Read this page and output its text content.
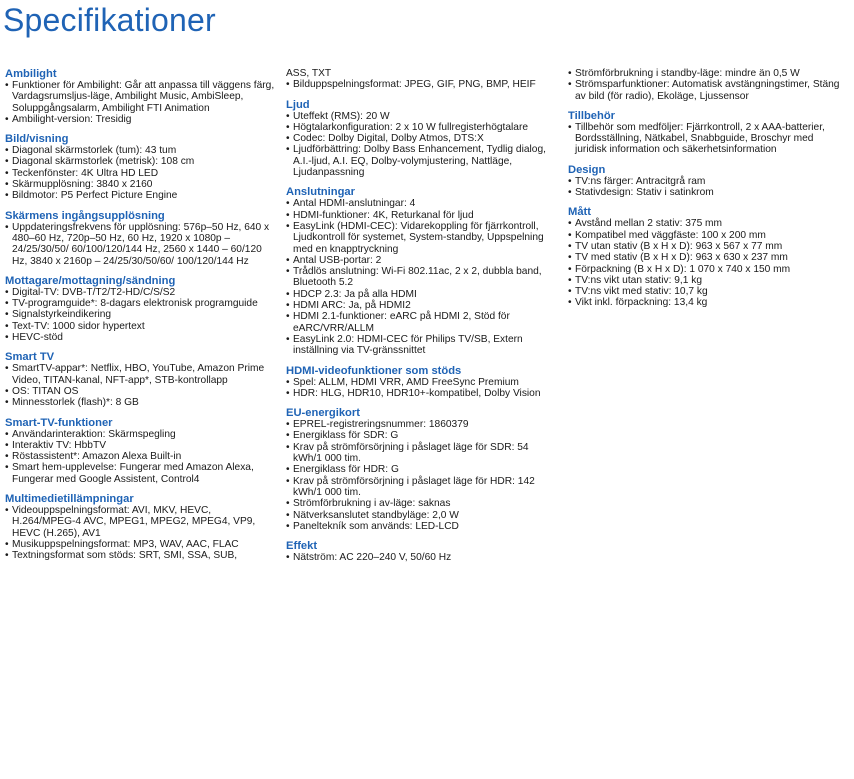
Specifikationer
Ambilight
• Funktioner för Ambilight: Går att anpassa till väggens färg, Vardagsrumsljus-läge, Ambilight Music, AmbiSleep, Soluppgångsalarm, Ambilight FTI Animation
• Ambilight-version: Tresidig
Bild/visning
• Diagonal skärmstorlek (tum): 43 tum
• Diagonal skärmstorlek (metrisk): 108 cm
• Teckenfönster: 4K Ultra HD LED
• Skärmupplösning: 3840 x 2160
• Bildmotor: P5 Perfect Picture Engine
Skärmens ingångsupplösning
• Uppdateringsfrekvens för upplösning: 576p–50 Hz, 640 x 480–60 Hz, 720p–50 Hz, 60 Hz, 1920 x 1080p – 24/25/30/50/ 60/100/120/144 Hz, 2560 x 1440 – 60/120 Hz, 3840 x 2160p – 24/25/30/50/60/ 100/120/144 Hz
Mottagare/mottagning/sändning
• Digital-TV: DVB-T/T2/T2-HD/C/S/S2
• TV-programguide*: 8-dagars elektronisk programguide
• Signalstyrkeindikering
• Text-TV: 1000 sidor hypertext
• HEVC-stöd
Smart TV
• SmartTV-appar*: Netflix, HBO, YouTube, Amazon Prime Video, TITAN-kanal, NFT-app*, STB-kontrollapp
• OS: TITAN OS
• Minnesstorlek (flash)*: 8 GB
Smart-TV-funktioner
• Användarinteraktion: Skärmspegling
• Interaktiv TV: HbbTV
• Röstassistent*: Amazon Alexa Built-in
• Smart hem-upplevelse: Fungerar med Amazon Alexa, Fungerar med Google Assistent, Control4
Multimedietillämpningar
• Videouppspelningsformat: AVI, MKV, HEVC, H.264/MPEG-4 AVC, MPEG1, MPEG2, MPEG4, VP9, HEVC (H.265), AV1
• Musikuppspelningsformat: MP3, WAV, AAC, FLAC
• Textningsformat som stöds: SRT, SMI, SSA, SUB,
ASS, TXT
• Bilduppspelningsformat: JPEG, GIF, PNG, BMP, HEIF
Ljud
• Uteffekt (RMS): 20 W
• Högtalarkonfiguration: 2 x 10 W fullregisterhögtalare
• Codec: Dolby Digital, Dolby Atmos, DTS:X
• Ljudförbättring: Dolby Bass Enhancement, Tydlig dialog, A.I.-ljud, A.I. EQ, Dolby-volymjustering, Nattläge, Ljudanpassning
Anslutningar
• Antal HDMI-anslutningar: 4
• HDMI-funktioner: 4K, Returkanal för ljud
• EasyLink (HDMI-CEC): Vidarekoppling för fjärrkontroll, Ljudkontroll för systemet, System-standby, Uppspelning med en knapptryckning
• Antal USB-portar: 2
• Trådlös anslutning: Wi-Fi 802.11ac, 2 x 2, dubbla band, Bluetooth 5.2
• HDCP 2.3: Ja på alla HDMI
• HDMI ARC: Ja, på HDMI2
• HDMI 2.1-funktioner: eARC på HDMI 2, Stöd för eARC/VRR/ALLM
• EasyLink 2.0: HDMI-CEC för Philips TV/SB, Extern inställning via TV-gränssnittet
HDMI-videofunktioner som stöds
• Spel: ALLM, HDMI VRR, AMD FreeSync Premium
• HDR: HLG, HDR10, HDR10+-kompatibel, Dolby Vision
EU-energikort
• EPREL-registreringsnummer: 1860379
• Energiklass för SDR: G
• Krav på strömförsörjning i påslaget läge för SDR: 54 kWh/1 000 tim.
• Energiklass för HDR: G
• Krav på strömförsörjning i påslaget läge för HDR: 142 kWh/1 000 tim.
• Strömförbrukning i av-läge: saknas
• Nätverksanslutet standbyläge: 2,0 W
• Paneltekník som används: LED-LCD
Effekt
• Nätström: AC 220–240 V, 50/60 Hz
• Strömförbrukning i standby-läge: mindre än 0,5 W
• Strömsparfunktioner: Automatisk avstängningstimer, Stäng av bild (för radio), Ekoläge, Ljussensor
Tillbehör
• Tillbehör som medföljer: Fjärrkontroll, 2 x AAA-batterier, Bordsställning, Nätkabel, Snabbguide, Broschyr med juridisk information och säkerhetsinformation
Design
• TV:ns färger: Antracitgrå ram
• Stativdesign: Stativ i satinkrom
Mått
• Avstånd mellan 2 stativ: 375 mm
• Kompatibel med väggfäste: 100 x 200 mm
• TV utan stativ (B x H x D): 963 x 567 x 77 mm
• TV med stativ (B x H x D): 963 x 630 x 237 mm
• Förpackning (B x H x D): 1 070 x 740 x 150 mm
• TV:ns vikt utan stativ: 9,1 kg
• TV:ns vikt med stativ: 10,7 kg
• Vikt inkl. förpackning: 13,4 kg
